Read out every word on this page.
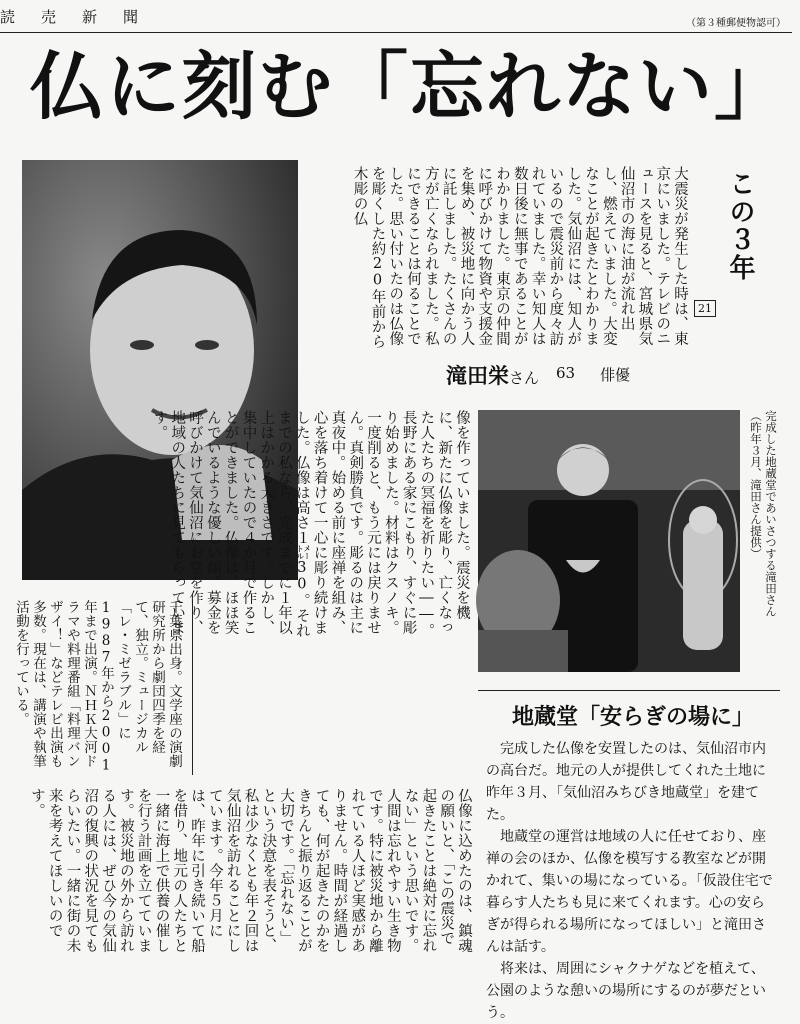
読売新聞	（第３種郵便物認可）
仏に刻む「忘れない」
この３年
21
大震災が発生した時は、東京にいました。テレビのニュースを見ると、宮城県気仙沼市の海に油が流れ出し、燃えていました。大変なことが起きたとわかりました。気仙沼には、知人がいるので震災前から度々訪れていました。幸い知人は数日後に無事であることがわかりました。東京の仲間に呼びかけて物資や支援金を集め、被災地に向かう人に託しました。たくさんの方が亡くなられました。私にできることは何ることでした。思い付いたのは仏像を彫くした約20年前から木彫の仏
滝田栄さん 63 俳優
完成した地蔵堂であいさつする滝田さん（昨年３月、滝田さん提供）
像を作っていました。震災を機に、新たに仏像を彫り、亡くなった人たちの冥福を祈りたい――。長野にある家にこもり、すぐに彫り始めました。材料はクスノキ。一度削ると、もう元には戻りません。真剣勝負です。彫るのは主に真夜中。始める前に座禅を組み、心を落ち着けて一心に彫り続けました。仏像は高さ１㍍30。それまでの私なら、完成までに１年以上はかかる大きさです。しかし、集中していたので４か月で作ることができました。仏像は、ほほ笑んでいるような優しい顔。募金を呼びかけて気仙沼にお堂を作り、地域の人たちに見てもらっています。
千葉県出身。文学座の演劇研究所から劇団四季を経て、独立。ミュージカル「レ・ミゼラブル」に1987年から2001年まで出演。ＮＨＫ大河ドラマや料理番組「料理バンザイ！」などテレビ出演も多数。現在は、講演や執筆活動を行っている。	地蔵堂「安らぎの場に」
仏像に込めたのは、鎮魂の願いと、「この震災で起きたことは絶対に忘れない」という思いです。人間は忘れやすい生き物です。特に被災地から離れている人ほど実感がありません。時間が経過しても、何が起きたのかをきちんと振り返ることが大切です。「忘れない」という決意を表そうと、私は少なくとも年２回は気仙沼を訪れることにしています。今年５月には、昨年に引き続いて船を借り、地元の人たちと一緒に海上で供養の催しを行う計画を立てています。被災地の外から訪れる人には、ぜひ今の気仙沼の復興の状況を見てもらいたい。一緒に街の未来を考えてほしいのです。

完成した仏像を安置したのは、気仙沼市内の高台だ。地元の人が提供してくれた土地に昨年３月、「気仙沼みちびき地蔵堂」を建てた。

地蔵堂の運営は地域の人に任せており、座禅の会のほか、仏像を模写する教室などが開かれて、集いの場になっている。「仮設住宅で暮らす人たちも見に来てくれます。心の安らぎが得られる場所になってほしい」と滝田さんは話す。

将来は、周囲にシャクナゲなどを植えて、公園のような憩いの場所にするのが夢だという。
